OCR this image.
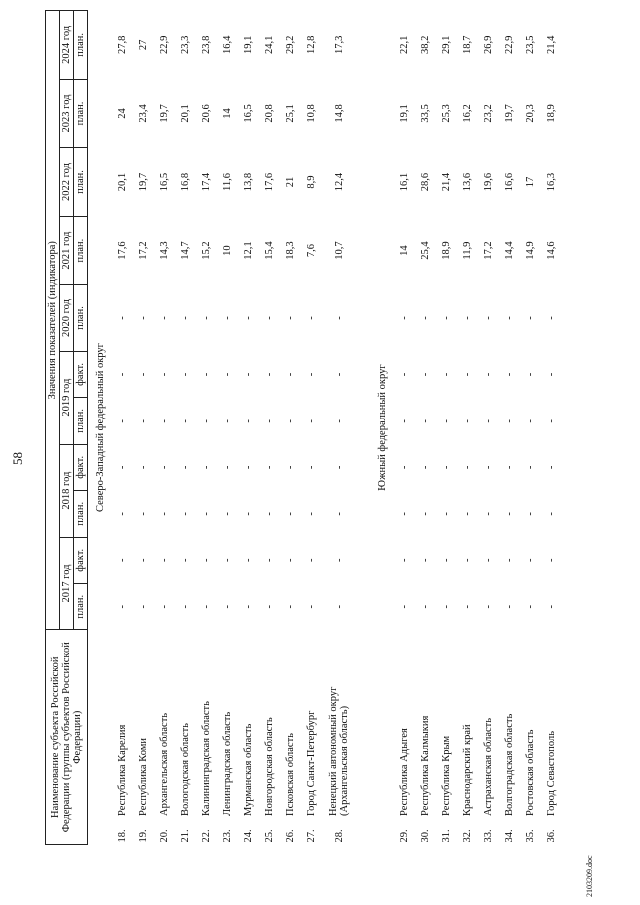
58
Наименование субъекта Российской Федерации (группы субъектов Российской Федерации)		Значения показателей (индикатора)										
		2017 год		2018 год		2019 год		2020 год	2021 год	2022 год	2023 год	2024 год
		план.	факт.	план.	факт.	план.	факт.	план.	план.	план.	план.	план.
Северо-Западный федеральный округ												
18.	Республика Карелия	-	-	-	-	-	-	-	17,6	20,1	24	27,8
19.	Республика Коми	-	-	-	-	-	-	-	17,2	19,7	23,4	27
20.	Архангельская область	-	-	-	-	-	-	-	14,3	16,5	19,7	22,9
21.	Вологодская область	-	-	-	-	-	-	-	14,7	16,8	20,1	23,3
22.	Калининградская область	-	-	-	-	-	-	-	15,2	17,4	20,6	23,8
23.	Ленинградская область	-	-	-	-	-	-	-	10	11,6	14	16,4
24.	Мурманская область	-	-	-	-	-	-	-	12,1	13,8	16,5	19,1
25.	Новгородская область	-	-	-	-	-	-	-	15,4	17,6	20,8	24,1
26.	Псковская область	-	-	-	-	-	-	-	18,3	21	25,1	29,2
27.	Город Санкт-Петербург	-	-	-	-	-	-	-	7,6	8,9	10,8	12,8
28.	Ненецкий автономный округ (Архангельская область)	-	-	-	-	-	-	-	10,7	12,4	14,8	17,3

Южный федеральный округ												
29.	Республика Адыгея	-	-	-	-	-	-	-	14	16,1	19,1	22,1
30.	Республика Калмыкия	-	-	-	-	-	-	-	25,4	28,6	33,5	38,2
31.	Республика Крым	-	-	-	-	-	-	-	18,9	21,4	25,3	29,1
32.	Краснодарский край	-	-	-	-	-	-	-	11,9	13,6	16,2	18,7
33.	Астраханская область	-	-	-	-	-	-	-	17,2	19,6	23,2	26,9
34.	Волгоградская область	-	-	-	-	-	-	-	14,4	16,6	19,7	22,9
35.	Ростовская область	-	-	-	-	-	-	-	14,9	17	20,3	23,5
36.	Город Севастополь	-	-	-	-	-	-	-	14,6	16,3	18,9	21,4
2103209.doc
